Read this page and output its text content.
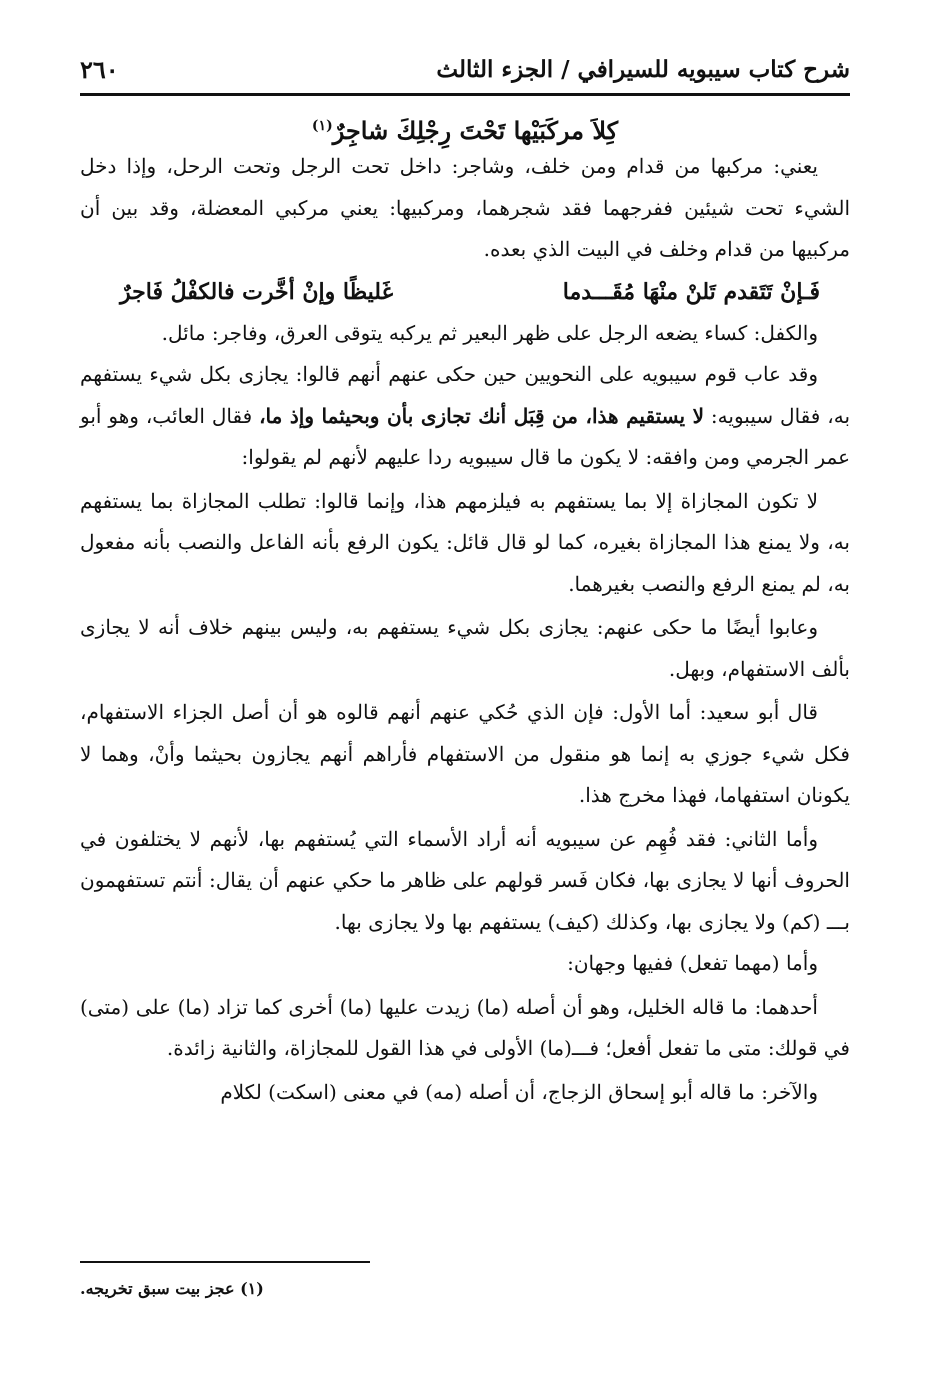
شرح كتاب سيبويه للسيرافي / الجزء الثالث
٢٦٠
كِلاَ مركَبَيْها تَحْتَ رِجْلِكَ شاجِرٌ$^{(١)}$

يعني: مركبها من قدام ومن خلف، وشاجر: داخل تحت الرجل وتحت الرحل، وإذا دخل الشيء تحت شيئين ففرجهما فقد شجرهما، ومركبيها: يعني مركبي المعضلة، وقد بين أن مركبيها من قدام وخلف في البيت الذي بعده.

فَـإنْ تَتَقدم تَلنْ منْهَا مُقَـــدما
غَليظًا وإنْ أخَّرت فالكفْلُ فَاجرٌ

والكفل: كساء يضعه الرجل على ظهر البعير ثم يركبه يتوقى العرق، وفاجر: مائل.

وقد عاب قوم سيبويه على النحويين حين حكى عنهم أنهم قالوا: يجازى بكل شيء يستفهم به، فقال سيبويه: لا يستقيم هذا، من قِبَل أنك تجازى بأن وبحيثما وإذ ما، فقال العائب، وهو أبو عمر الجرمي ومن وافقه: لا يكون ما قال سيبويه ردا عليهم لأنهم لم يقولوا:

لا تكون المجازاة إلا بما يستفهم به فيلزمهم هذا، وإنما قالوا: تطلب المجازاة بما يستفهم به، ولا يمنع هذا المجازاة بغيره، كما لو قال قائل: يكون الرفع بأنه الفاعل والنصب بأنه مفعول به، لم يمنع الرفع والنصب بغيرهما.

وعابوا أيضًا ما حكى عنهم: يجازى بكل شيء يستفهم به، وليس بينهم خلاف أنه لا يجازى بألف الاستفهام، وبهل.

قال أبو سعيد: أما الأول: فإن الذي حُكي عنهم أنهم قالوه هو أن أصل الجزاء الاستفهام، فكل شيء جوزي به إنما هو منقول من الاستفهام فأراهم أنهم يجازون بحيثما وأنْ، وهما لا يكونان استفهاما، فهذا مخرج هذا.

وأما الثاني: فقد فُهِم عن سيبويه أنه أراد الأسماء التي يُستفهم بها، لأنهم لا يختلفون في الحروف أنها لا يجازى بها، فكان فَسر قولهم على ظاهر ما حكي عنهم أن يقال: أنتم تستفهمون بـــ (كم) ولا يجازى بها، وكذلك (كيف) يستفهم بها ولا يجازى بها.

وأما (مهما تفعل) ففيها وجهان:

أحدهما: ما قاله الخليل، وهو أن أصله (ما) زيدت عليها (ما) أخرى كما تزاد (ما) على (متى) في قولك: متى ما تفعل أفعل؛ فـــ(ما) الأولى في هذا القول للمجازاة، والثانية زائدة.

والآخر: ما قاله أبو إسحاق الزجاج، أن أصله (مه) في معنى (اسكت) لكلام

(١) عجز بيت سبق تخريجه.
